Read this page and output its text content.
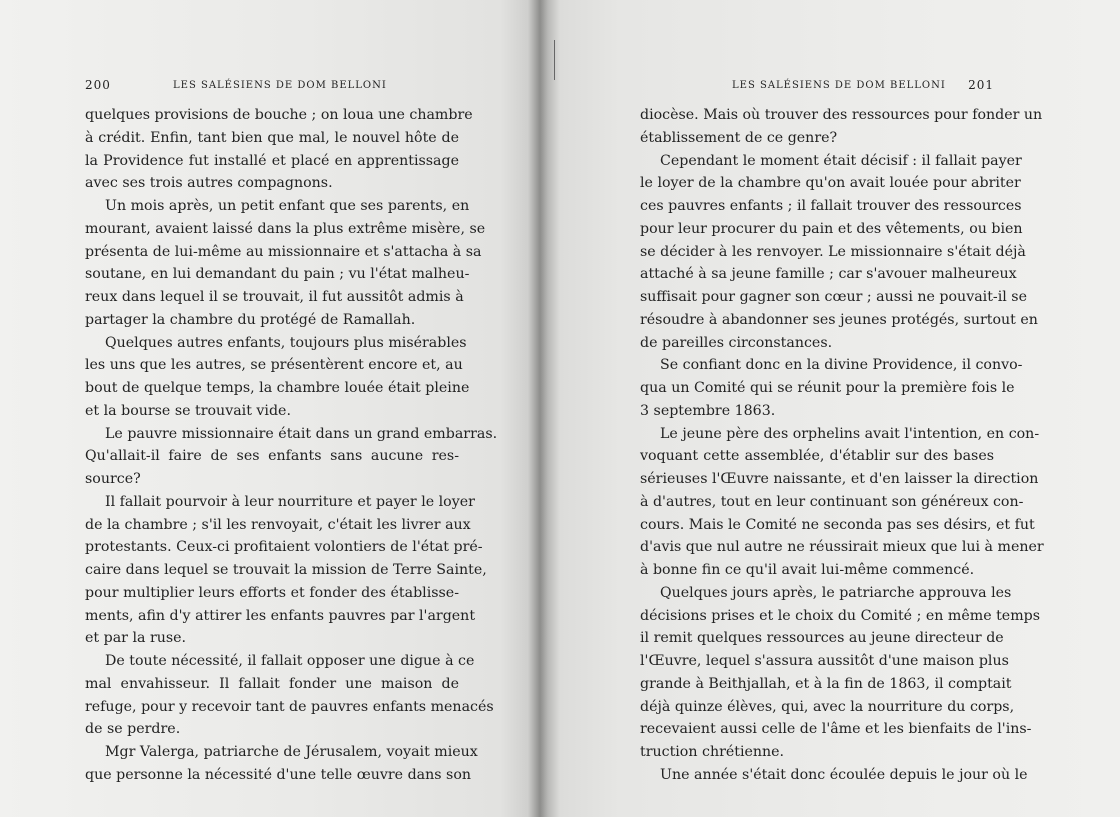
200	LES SALÉSIENS DE DOM BELLONI
quelques provisions de bouche ; on loua une chambre
à crédit. Enfin, tant bien que mal, le nouvel hôte de
la Providence fut installé et placé en apprentissage
avec ses trois autres compagnons.
Un mois après, un petit enfant que ses parents, en
mourant, avaient laissé dans la plus extrême misère, se
présenta de lui-même au missionnaire et s'attacha à sa
soutane, en lui demandant du pain ; vu l'état malheu-
reux dans lequel il se trouvait, il fut aussitôt admis à
partager la chambre du protégé de Ramallah.
Quelques autres enfants, toujours plus misérables
les uns que les autres, se présentèrent encore et, au
bout de quelque temps, la chambre louée était pleine
et la bourse se trouvait vide.
Le pauvre missionnaire était dans un grand embarras.
Qu'allait-il faire de ses enfants sans aucune res-
source?
Il fallait pourvoir à leur nourriture et payer le loyer
de la chambre ; s'il les renvoyait, c'était les livrer aux
protestants. Ceux-ci profitaient volontiers de l'état pré-
caire dans lequel se trouvait la mission de Terre Sainte,
pour multiplier leurs efforts et fonder des établisse-
ments, afin d'y attirer les enfants pauvres par l'argent
et par la ruse.
De toute nécessité, il fallait opposer une digue à ce
mal envahisseur. Il fallait fonder une maison de
refuge, pour y recevoir tant de pauvres enfants menacés
de se perdre.
Mgr Valerga, patriarche de Jérusalem, voyait mieux
que personne la nécessité d'une telle œuvre dans son
LES SALÉSIENS DE DOM BELLONI 201
diocèse. Mais où trouver des ressources pour fonder un
établissement de ce genre?
Cependant le moment était décisif : il fallait payer
le loyer de la chambre qu'on avait louée pour abriter
ces pauvres enfants ; il fallait trouver des ressources
pour leur procurer du pain et des vêtements, ou bien
se décider à les renvoyer. Le missionnaire s'était déjà
attaché à sa jeune famille ; car s'avouer malheureux
suffisait pour gagner son cœur ; aussi ne pouvait-il se
résoudre à abandonner ses jeunes protégés, surtout en
de pareilles circonstances.
Se confiant donc en la divine Providence, il convo-
qua un Comité qui se réunit pour la première fois le
3 septembre 1863.
Le jeune père des orphelins avait l'intention, en con-
voquant cette assemblée, d'établir sur des bases
sérieuses l'Œuvre naissante, et d'en laisser la direction
à d'autres, tout en leur continuant son généreux con-
cours. Mais le Comité ne seconda pas ses désirs, et fut
d'avis que nul autre ne réussirait mieux que lui à mener
à bonne fin ce qu'il avait lui-même commencé.
Quelques jours après, le patriarche approuva les
décisions prises et le choix du Comité ; en même temps
il remit quelques ressources au jeune directeur de
l'Œuvre, lequel s'assura aussitôt d'une maison plus
grande à Beithjallah, et à la fin de 1863, il comptait
déjà quinze élèves, qui, avec la nourriture du corps,
recevaient aussi celle de l'âme et les bienfaits de l'ins-
truction chrétienne.
Une année s'était donc écoulée depuis le jour où le
